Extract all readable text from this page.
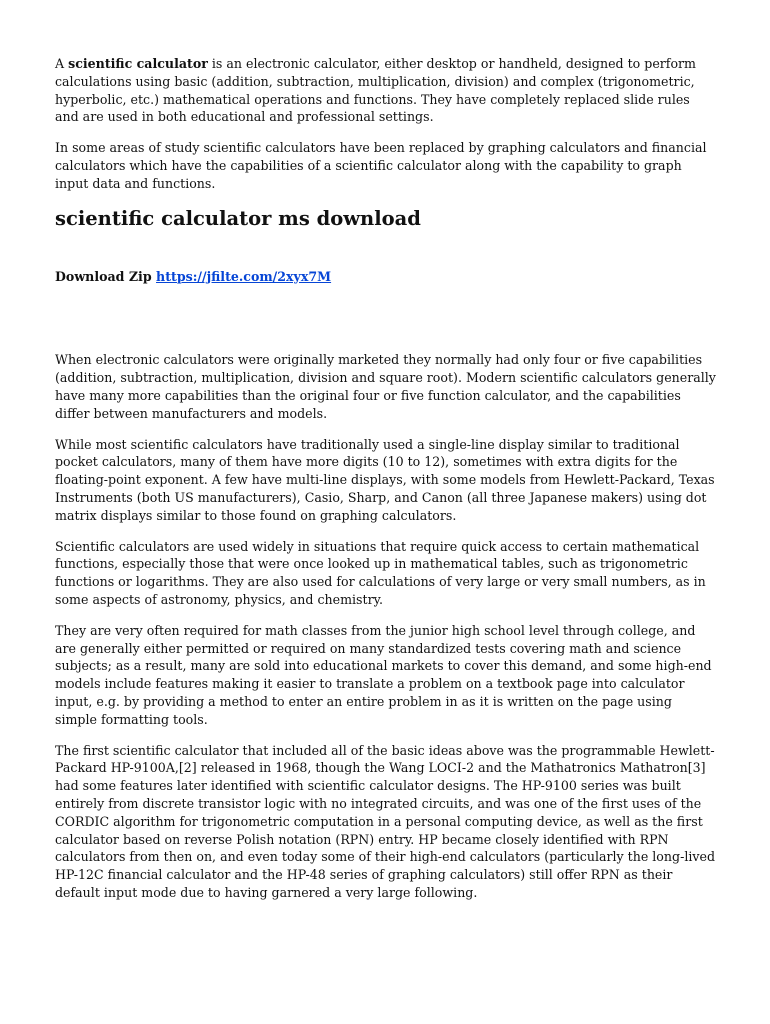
A scientific calculator is an electronic calculator, either desktop or handheld, designed to perform calculations using basic (addition, subtraction, multiplication, division) and complex (trigonometric, hyperbolic, etc.) mathematical operations and functions. They have completely replaced slide rules and are used in both educational and professional settings.

In some areas of study scientific calculators have been replaced by graphing calculators and financial calculators which have the capabilities of a scientific calculator along with the capability to graph input data and functions.

scientific calculator ms download
Download Zip https://jfilte.com/2xyx7M

When electronic calculators were originally marketed they normally had only four or five capabilities (addition, subtraction, multiplication, division and square root). Modern scientific calculators generally have many more capabilities than the original four or five function calculator, and the capabilities differ between manufacturers and models.

While most scientific calculators have traditionally used a single-line display similar to traditional pocket calculators, many of them have more digits (10 to 12), sometimes with extra digits for the floating-point exponent. A few have multi-line displays, with some models from Hewlett-Packard, Texas Instruments (both US manufacturers), Casio, Sharp, and Canon (all three Japanese makers) using dot matrix displays similar to those found on graphing calculators.

Scientific calculators are used widely in situations that require quick access to certain mathematical functions, especially those that were once looked up in mathematical tables, such as trigonometric functions or logarithms. They are also used for calculations of very large or very small numbers, as in some aspects of astronomy, physics, and chemistry.

They are very often required for math classes from the junior high school level through college, and are generally either permitted or required on many standardized tests covering math and science subjects; as a result, many are sold into educational markets to cover this demand, and some high-end models include features making it easier to translate a problem on a textbook page into calculator input, e.g. by providing a method to enter an entire problem in as it is written on the page using simple formatting tools.

The first scientific calculator that included all of the basic ideas above was the programmable Hewlett-Packard HP-9100A,[2] released in 1968, though the Wang LOCI-2 and the Mathatronics Mathatron[3] had some features later identified with scientific calculator designs. The HP-9100 series was built entirely from discrete transistor logic with no integrated circuits, and was one of the first uses of the CORDIC algorithm for trigonometric computation in a personal computing device, as well as the first calculator based on reverse Polish notation (RPN) entry. HP became closely identified with RPN calculators from then on, and even today some of their high-end calculators (particularly the long-lived HP-12C financial calculator and the HP-48 series of graphing calculators) still offer RPN as their default input mode due to having garnered a very large following.
